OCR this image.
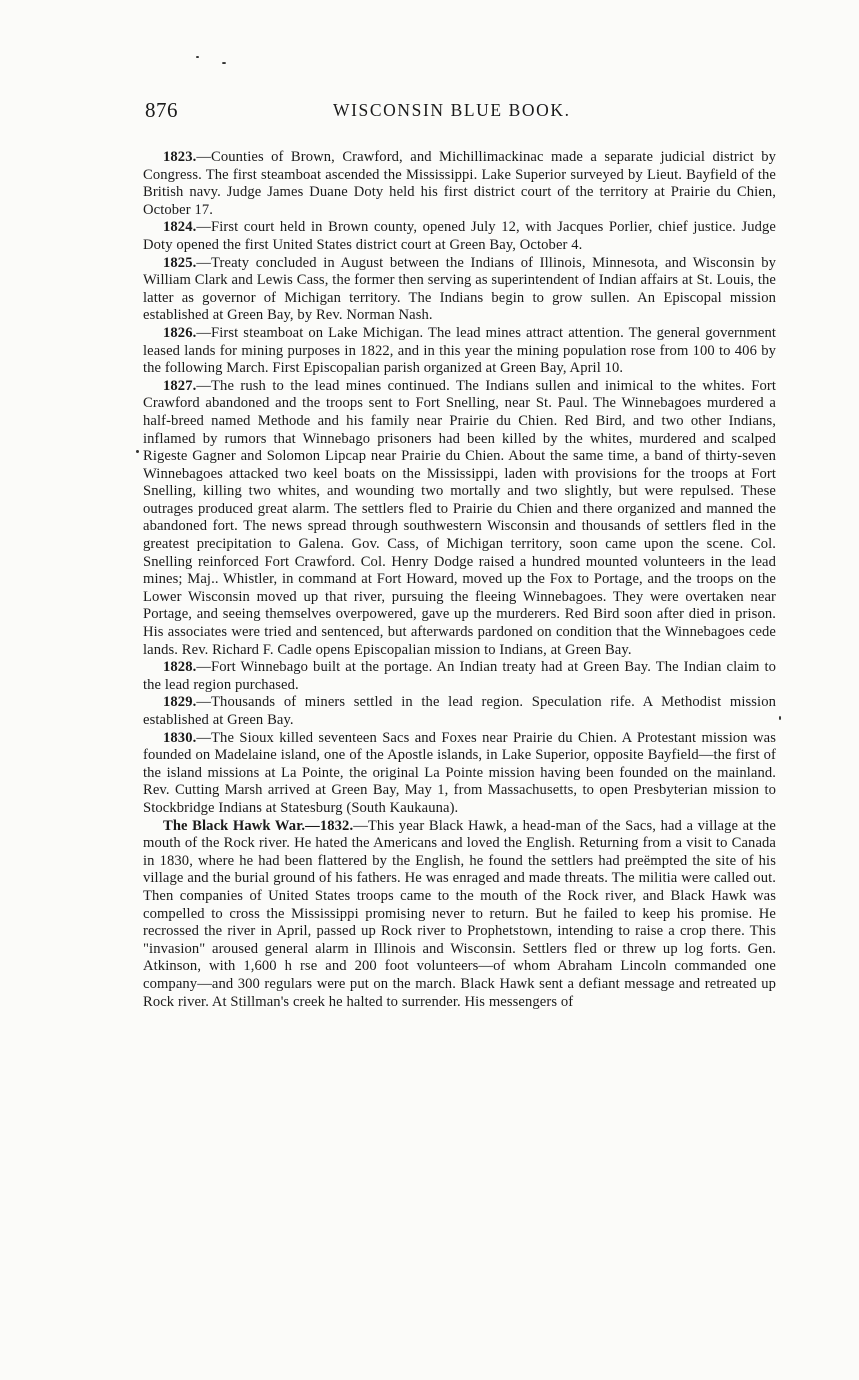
876	WISCONSIN BLUE BOOK.

1823.—Counties of Brown, Crawford, and Michillimackinac made a separate judicial district by Congress. The first steamboat ascended the Mississippi. Lake Superior surveyed by Lieut. Bayfield of the British navy. Judge James Duane Doty held his first district court of the territory at Prairie du Chien, October 17.

1824.—First court held in Brown county, opened July 12, with Jacques Porlier, chief justice. Judge Doty opened the first United States district court at Green Bay, October 4.

1825.—Treaty concluded in August between the Indians of Illinois, Minnesota, and Wisconsin by William Clark and Lewis Cass, the former then serving as superintendent of Indian affairs at St. Louis, the latter as governor of Michigan territory. The Indians begin to grow sullen. An Episcopal mission established at Green Bay, by Rev. Norman Nash.

1826.—First steamboat on Lake Michigan. The lead mines attract attention. The general government leased lands for mining purposes in 1822, and in this year the mining population rose from 100 to 406 by the following March. First Episcopalian parish organized at Green Bay, April 10.

1827.—The rush to the lead mines continued. The Indians sullen and inimical to the whites. Fort Crawford abandoned and the troops sent to Fort Snelling, near St. Paul. The Winnebagoes murdered a half-breed named Methode and his family near Prairie du Chien. Red Bird, and two other Indians, inflamed by rumors that Winnebago prisoners had been killed by the whites, murdered and scalped Rigeste Gagner and Solomon Lipcap near Prairie du Chien. About the same time, a band of thirty-seven Winnebagoes attacked two keel boats on the Mississippi, laden with provisions for the troops at Fort Snelling, killing two whites, and wounding two mortally and two slightly, but were repulsed. These outrages produced great alarm. The settlers fled to Prairie du Chien and there organized and manned the abandoned fort. The news spread through southwestern Wisconsin and thousands of settlers fled in the greatest precipitation to Galena. Gov. Cass, of Michigan territory, soon came upon the scene. Col. Snelling reinforced Fort Crawford. Col. Henry Dodge raised a hundred mounted volunteers in the lead mines; Maj.. Whistler, in command at Fort Howard, moved up the Fox to Portage, and the troops on the Lower Wisconsin moved up that river, pursuing the fleeing Winnebagoes. They were overtaken near Portage, and seeing themselves overpowered, gave up the murderers. Red Bird soon after died in prison. His associates were tried and sentenced, but afterwards pardoned on condition that the Winnebagoes cede lands. Rev. Richard F. Cadle opens Episcopalian mission to Indians, at Green Bay.

1828.—Fort Winnebago built at the portage. An Indian treaty had at Green Bay. The Indian claim to the lead region purchased.

1829.—Thousands of miners settled in the lead region. Speculation rife. A Methodist mission established at Green Bay.

1830.—The Sioux killed seventeen Sacs and Foxes near Prairie du Chien. A Protestant mission was founded on Madelaine island, one of the Apostle islands, in Lake Superior, opposite Bayfield—the first of the island missions at La Pointe, the original La Pointe mission having been founded on the mainland. Rev. Cutting Marsh arrived at Green Bay, May 1, from Massachusetts, to open Presbyterian mission to Stockbridge Indians at Statesburg (South Kaukauna).

The Black Hawk War.—1832.—This year Black Hawk, a head-man of the Sacs, had a village at the mouth of the Rock river. He hated the Americans and loved the English. Returning from a visit to Canada in 1830, where he had been flattered by the English, he found the settlers had preëmpted the site of his village and the burial ground of his fathers. He was enraged and made threats. The militia were called out. Then companies of United States troops came to the mouth of the Rock river, and Black Hawk was compelled to cross the Mississippi promising never to return. But he failed to keep his promise. He recrossed the river in April, passed up Rock river to Prophetstown, intending to raise a crop there. This "invasion" aroused general alarm in Illinois and Wisconsin. Settlers fled or threw up log forts. Gen. Atkinson, with 1,600 h rse and 200 foot volunteers—of whom Abraham Lincoln commanded one company—and 300 regulars were put on the march. Black Hawk sent a defiant message and retreated up Rock river. At Stillman's creek he halted to surrender. His messengers of
